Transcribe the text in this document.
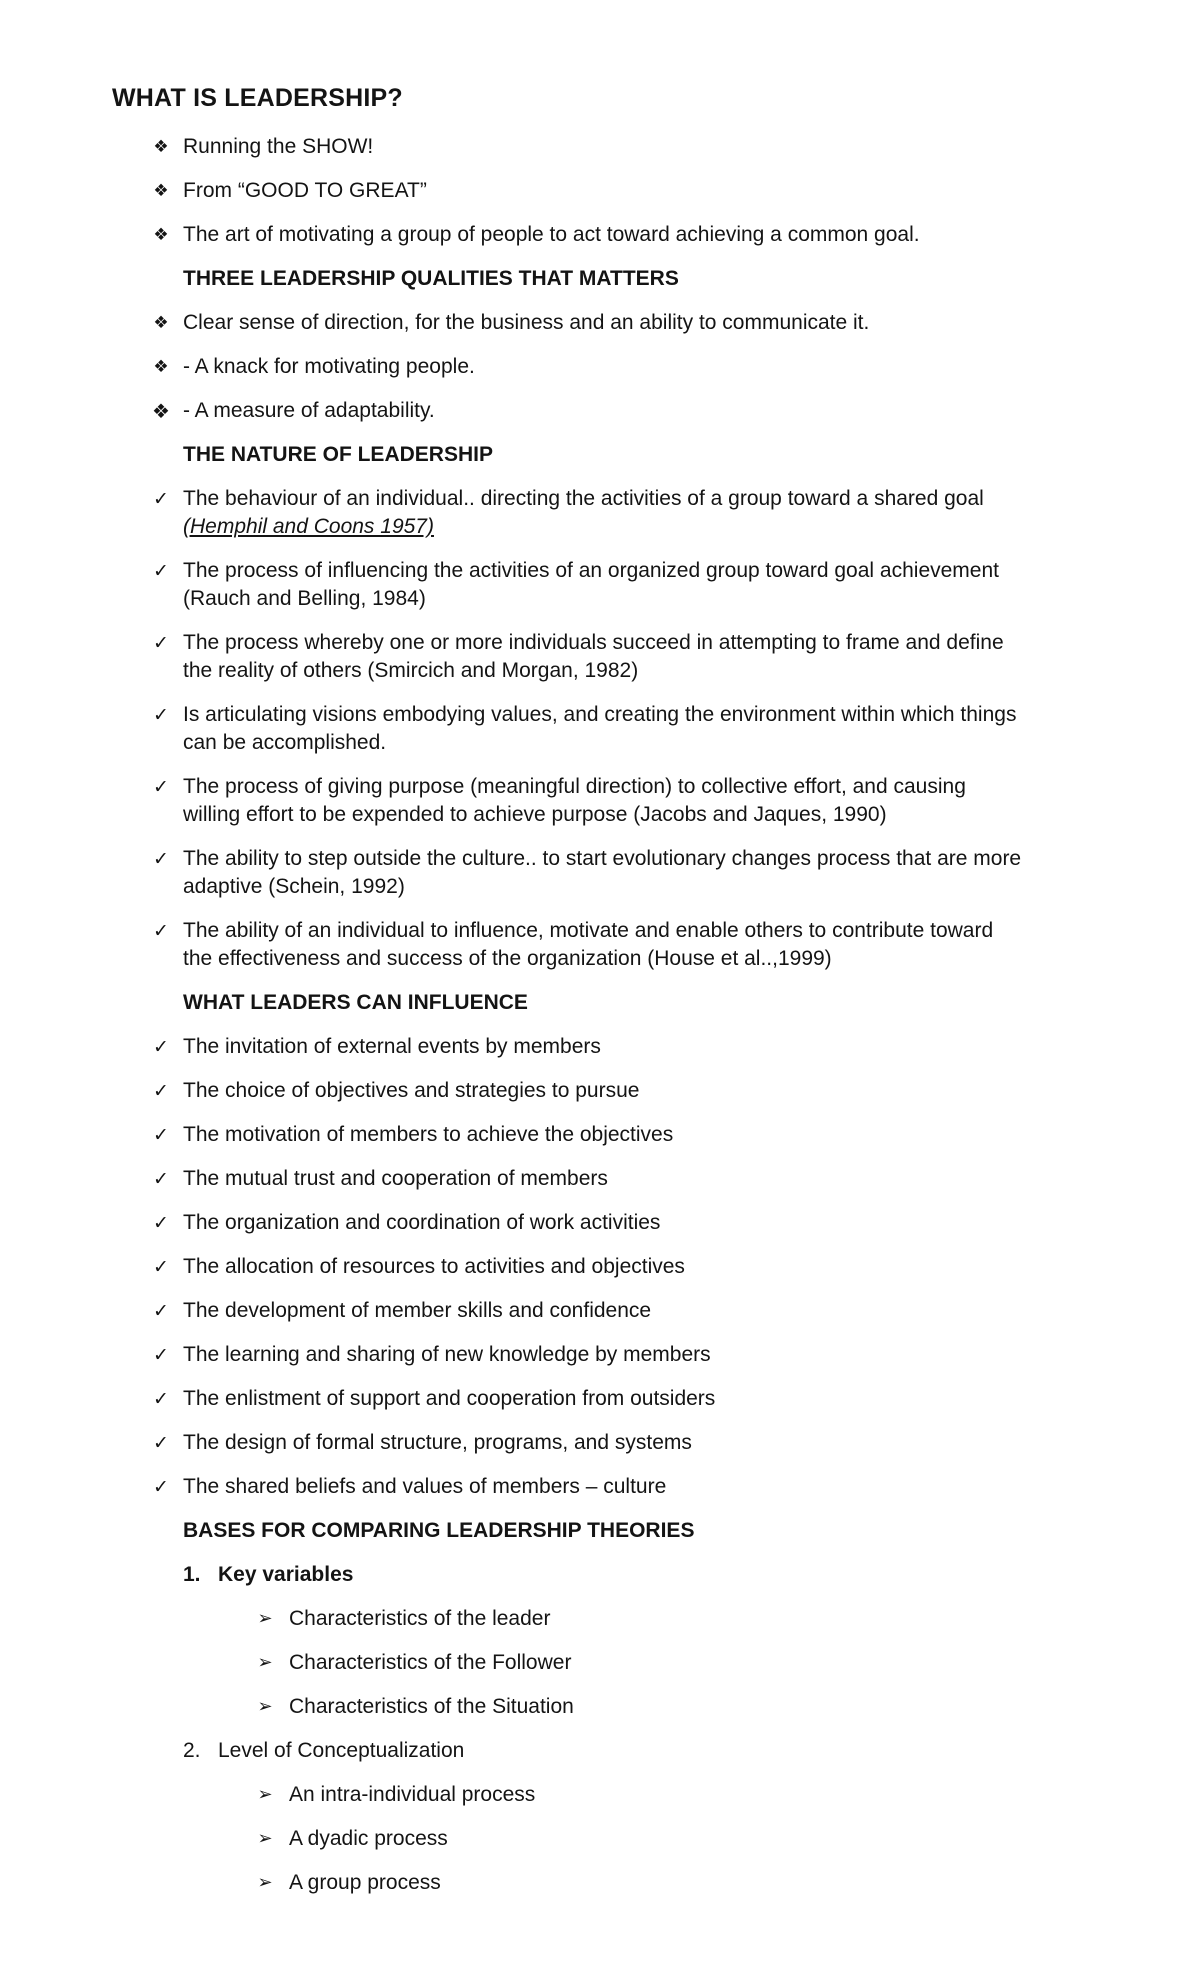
WHAT IS LEADERSHIP?
❖ Running the SHOW!
❖ From “GOOD TO GREAT”
❖ The art of motivating a group of people to act toward achieving a common goal.
THREE LEADERSHIP QUALITIES THAT MATTERS
❖ Clear sense of direction, for the business and an ability to communicate it.
❖ - A knack for motivating people.
❖ - A measure of adaptability.
THE NATURE OF LEADERSHIP
✓ The behaviour of an individual.. directing the activities of a group toward a shared goal
(Hemphil and Coons 1957)
✓ The process of influencing the activities of an organized group toward goal achievement
(Rauch and Belling, 1984)
✓ The process whereby one or more individuals succeed in attempting to frame and define
the reality of others (Smircich and Morgan, 1982)
✓ Is articulating visions embodying values, and creating the environment within which things
can be accomplished.
✓ The process of giving purpose (meaningful direction) to collective effort, and causing
willing effort to be expended to achieve purpose (Jacobs and Jaques, 1990)
✓ The ability to step outside the culture.. to start evolutionary changes process that are more
adaptive (Schein, 1992)
✓ The ability of an individual to influence, motivate and enable others to contribute toward
the effectiveness and success of the organization (House et al..,1999)
WHAT LEADERS CAN INFLUENCE
✓ The invitation of external events by members
✓ The choice of objectives and strategies to pursue
✓ The motivation of members to achieve the objectives
✓ The mutual trust and cooperation of members
✓ The organization and coordination of work activities
✓ The allocation of resources to activities and objectives
✓ The development of member skills and confidence
✓ The learning and sharing of new knowledge by members
✓ The enlistment of support and cooperation from outsiders
✓ The design of formal structure, programs, and systems
✓ The shared beliefs and values of members – culture
BASES FOR COMPARING LEADERSHIP THEORIES
1. Key variables
➢ Characteristics of the leader
➢ Characteristics of the Follower
➢ Characteristics of the Situation
2. Level of Conceptualization
➢ An intra-individual process
➢ A dyadic process
➢ A group process
